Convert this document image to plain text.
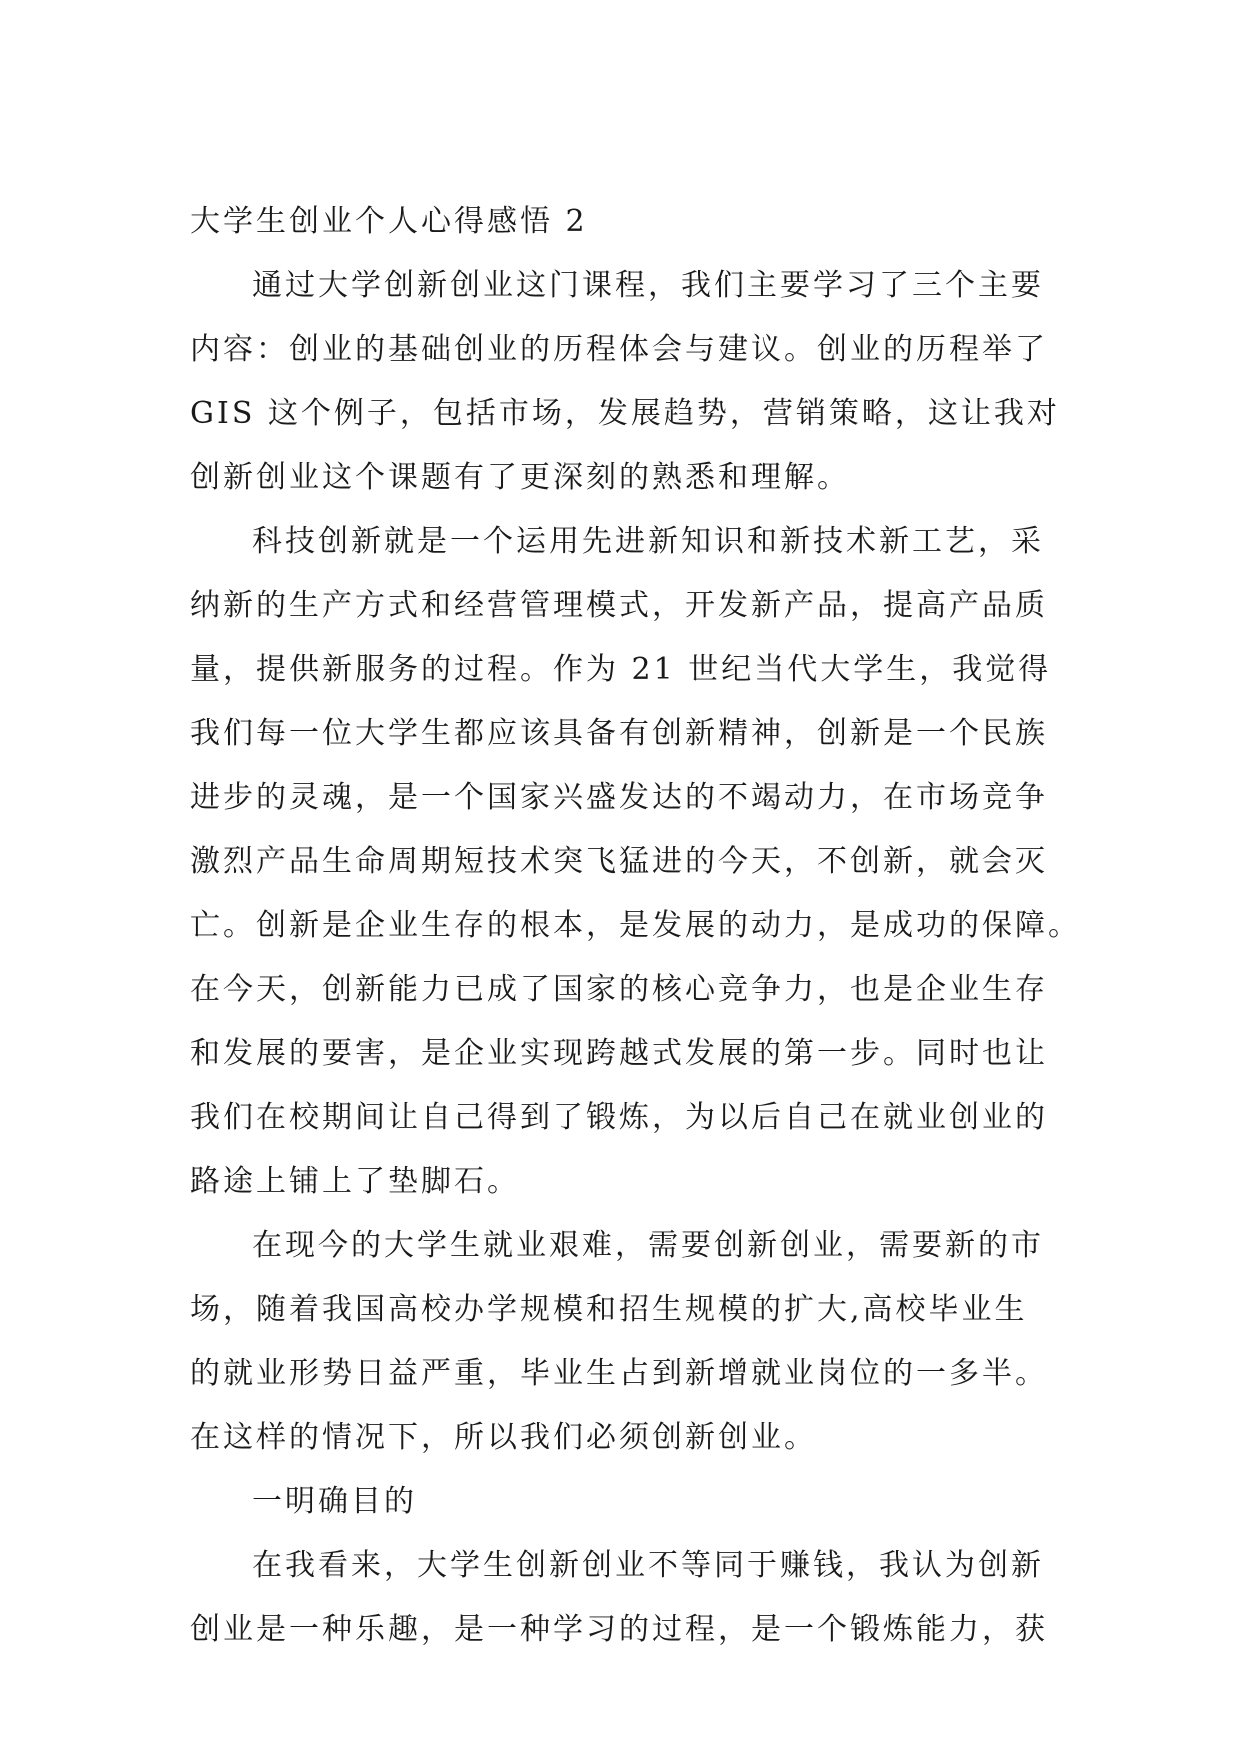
大学生创业个人心得感悟 2
通过大学创新创业这门课程，我们主要学习了三个主要
内容：创业的基础创业的历程体会与建议。创业的历程举了
GIS 这个例子，包括市场，发展趋势，营销策略，这让我对
创新创业这个课题有了更深刻的熟悉和理解。
科技创新就是一个运用先进新知识和新技术新工艺，采
纳新的生产方式和经营管理模式，开发新产品，提高产品质
量，提供新服务的过程。作为 21 世纪当代大学生，我觉得
我们每一位大学生都应该具备有创新精神，创新是一个民族
进步的灵魂，是一个国家兴盛发达的不竭动力，在市场竞争
激烈产品生命周期短技术突飞猛进的今天，不创新，就会灭
亡。创新是企业生存的根本，是发展的动力，是成功的保障。
在今天，创新能力已成了国家的核心竞争力，也是企业生存
和发展的要害，是企业实现跨越式发展的第一步。同时也让
我们在校期间让自己得到了锻炼，为以后自己在就业创业的
路途上铺上了垫脚石。
在现今的大学生就业艰难，需要创新创业，需要新的市
场，随着我国高校办学规模和招生规模的扩大,高校毕业生
的就业形势日益严重，毕业生占到新增就业岗位的一多半。
在这样的情况下，所以我们必须创新创业。
一明确目的
在我看来，大学生创新创业不等同于赚钱，我认为创新
创业是一种乐趣，是一种学习的过程，是一个锻炼能力，获
